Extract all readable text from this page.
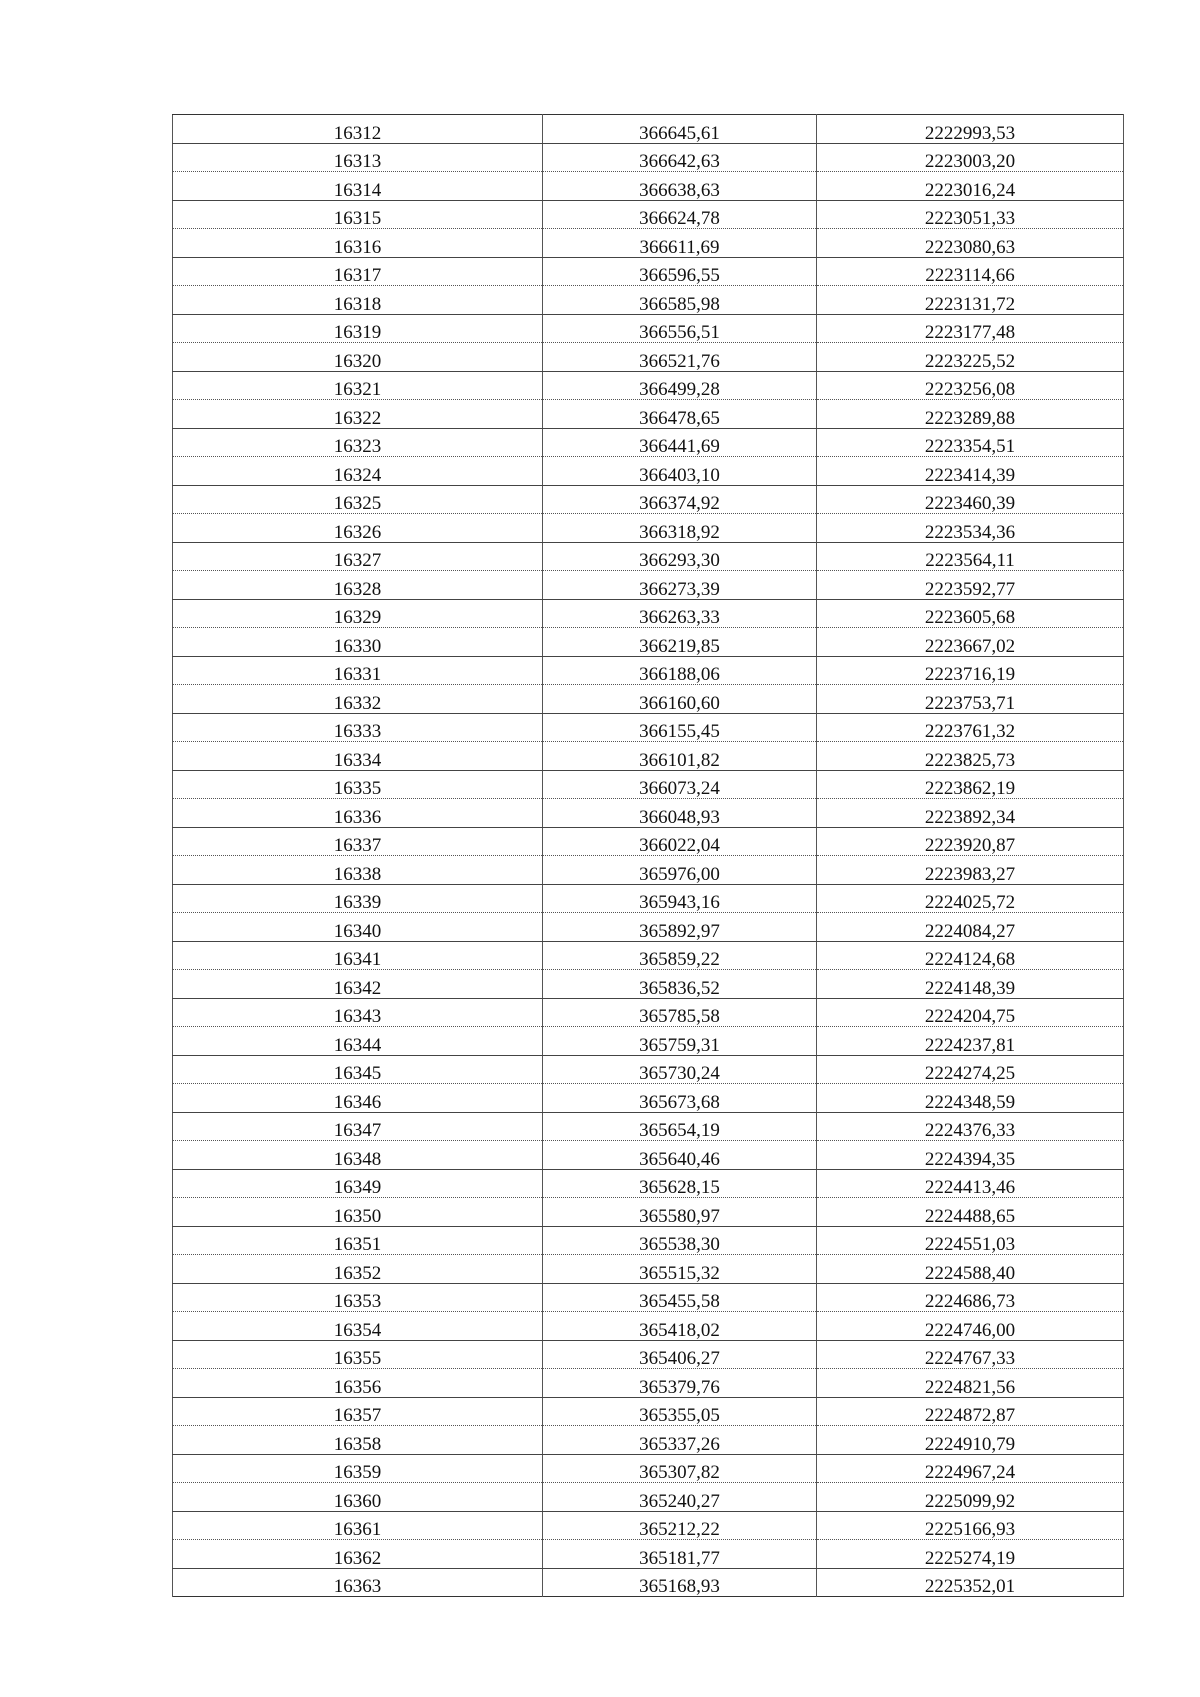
16312	366645,61	2222993,53
16313	366642,63	2223003,20
16314	366638,63	2223016,24
16315	366624,78	2223051,33
16316	366611,69	2223080,63
16317	366596,55	2223114,66
16318	366585,98	2223131,72
16319	366556,51	2223177,48
16320	366521,76	2223225,52
16321	366499,28	2223256,08
16322	366478,65	2223289,88
16323	366441,69	2223354,51
16324	366403,10	2223414,39
16325	366374,92	2223460,39
16326	366318,92	2223534,36
16327	366293,30	2223564,11
16328	366273,39	2223592,77
16329	366263,33	2223605,68
16330	366219,85	2223667,02
16331	366188,06	2223716,19
16332	366160,60	2223753,71
16333	366155,45	2223761,32
16334	366101,82	2223825,73
16335	366073,24	2223862,19
16336	366048,93	2223892,34
16337	366022,04	2223920,87
16338	365976,00	2223983,27
16339	365943,16	2224025,72
16340	365892,97	2224084,27
16341	365859,22	2224124,68
16342	365836,52	2224148,39
16343	365785,58	2224204,75
16344	365759,31	2224237,81
16345	365730,24	2224274,25
16346	365673,68	2224348,59
16347	365654,19	2224376,33
16348	365640,46	2224394,35
16349	365628,15	2224413,46
16350	365580,97	2224488,65
16351	365538,30	2224551,03
16352	365515,32	2224588,40
16353	365455,58	2224686,73
16354	365418,02	2224746,00
16355	365406,27	2224767,33
16356	365379,76	2224821,56
16357	365355,05	2224872,87
16358	365337,26	2224910,79
16359	365307,82	2224967,24
16360	365240,27	2225099,92
16361	365212,22	2225166,93
16362	365181,77	2225274,19
16363	365168,93	2225352,01
